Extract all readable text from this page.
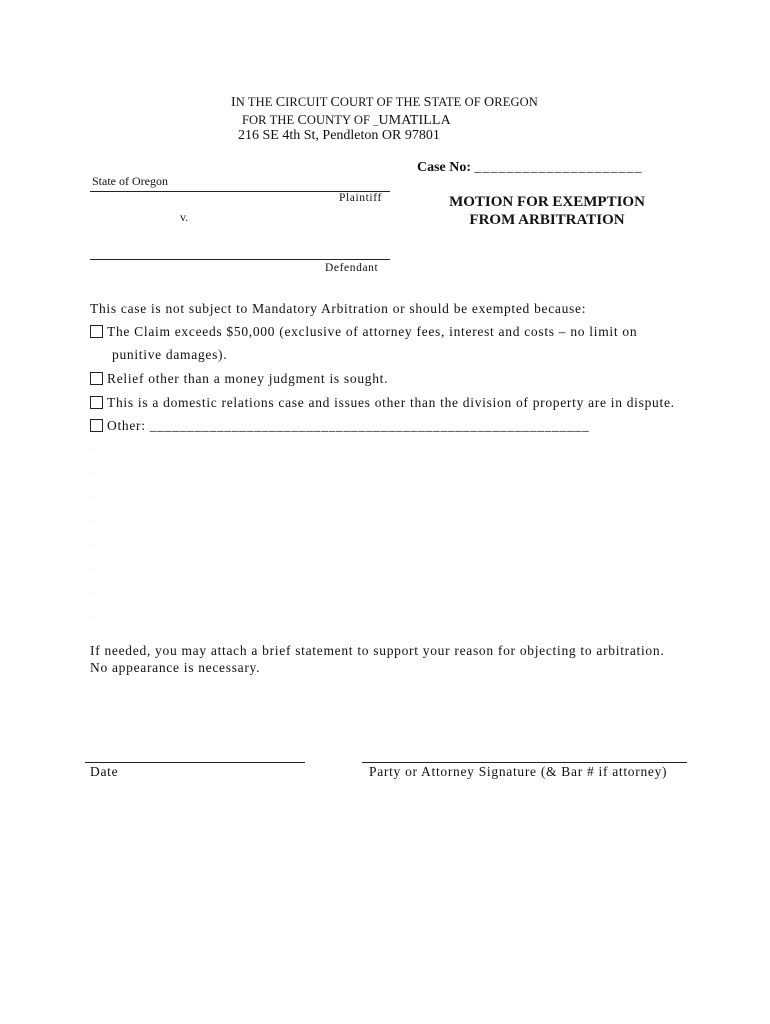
IN THE CIRCUIT COURT OF THE STATE OF OREGON
FOR THE COUNTY OF _UMATILLA
216 SE 4th St, Pendleton OR 97801
State of Oregon
Plaintiff
v.
Defendant
Case No: _____________________
MOTION FOR EXEMPTION
FROM ARBITRATION
This case is not subject to Mandatory Arbitration or should be exempted because:
The Claim exceeds $50,000 (exclusive of attorney fees, interest and costs – no limit on
punitive damages).
Relief other than a money judgment is sought.
This is a domestic relations case and issues other than the division of property are in dispute.
Other: ___________________________________________________________
.
.
.
.
.
.
.
.
If needed, you may attach a brief statement to support your reason for objecting to arbitration.
No appearance is necessary.
Date	Party or Attorney Signature (& Bar # if attorney)
